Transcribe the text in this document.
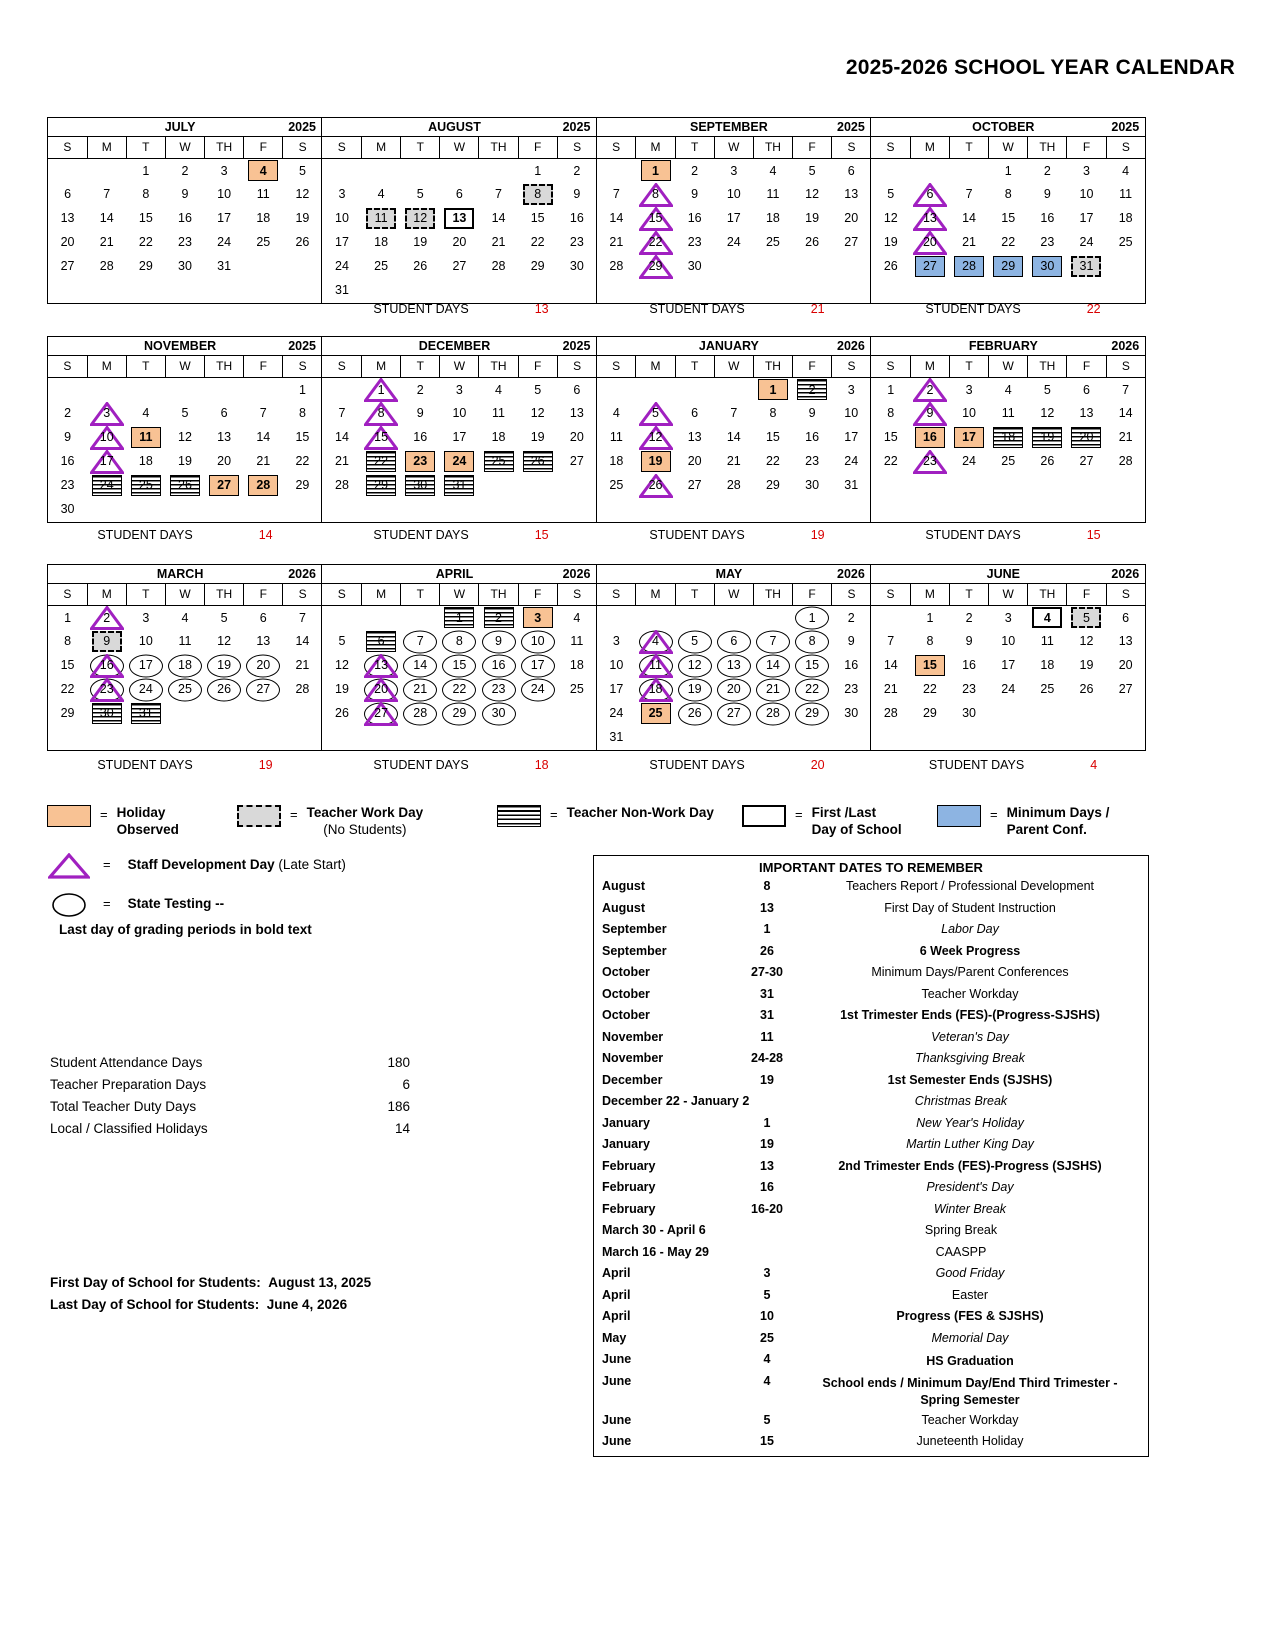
2025-2026 SCHOOL YEAR CALENDAR
JULY	2025
S	M	T	W	TH	F	S

		1	2	3	4	5

6	7	8	9	10	11	12

13	14	15	16	17	18	19

20	21	22	23	24	25	26

27	28	29	30	31		

AUGUST	2025
S	M	T	W	TH	F	S

					1	2

3	4	5	6	7	8	9

10	11	12	13	14	15	16

17	18	19	20	21	22	23

24	25	26	27	28	29	30

31						

SEPTEMBER	2025
S	M	T	W	TH	F	S

	1	2	3	4	5	6

7	8	9	10	11	12	13

14	15	16	17	18	19	20

21	22	23	24	25	26	27

28	29	30				

OCTOBER	2025
S	M	T	W	TH	F	S

			1	2	3	4

5	6	7	8	9	10	11

12	13	14	15	16	17	18

19	20	21	22	23	24	25

26	27	28	29	30	31	

NOVEMBER	2025
S	M	T	W	TH	F	S

						1

2	3	4	5	6	7	8

9	10	11	12	13	14	15

16	17	18	19	20	21	22

23	24	25	26	27	28	29

30						

DECEMBER	2025
S	M	T	W	TH	F	S

	1	2	3	4	5	6

7	8	9	10	11	12	13

14	15	16	17	18	19	20

21	22	23	24	25	26	27

28	29	30	31			

JANUARY	2026
S	M	T	W	TH	F	S

				1	2	3

4	5	6	7	8	9	10

11	12	13	14	15	16	17

18	19	20	21	22	23	24

25	26	27	28	29	30	31
FEBRUARY	2026
S	M	T	W	TH	F	S

1	2	3	4	5	6	7

8	9	10	11	12	13	14

15	16	17	18	19	20	21

22	23	24	25	26	27	28
MARCH	2026
S	M	T	W	TH	F	S

1	2	3	4	5	6	7

8	9	10	11	12	13	14

15	16	17	18	19	20	21

22	23	24	25	26	27	28

29	30	31				

APRIL	2026
S	M	T	W	TH	F	S

			1	2	3	4

5	6	7	8	9	10	11

12	13	14	15	16	17	18

19	20	21	22	23	24	25

26	27	28	29	30		

MAY	2026
S	M	T	W	TH	F	S

					1	2

3	4	5	6	7	8	9

10	11	12	13	14	15	16

17	18	19	20	21	22	23

24	25	26	27	28	29	30

31						

JUNE	2026
S	M	T	W	TH	F	S

	1	2	3	4	5	6

7	8	9	10	11	12	13

14	15	16	17	18	19	20

21	22	23	24	25	26	27

28	29	30				

STUDENT DAYS	13	STUDENT DAYS	21	STUDENT DAYS	22
STUDENT DAYS	14	STUDENT DAYS	15	STUDENT DAYS	19	STUDENT DAYS	15
STUDENT DAYS	19	STUDENT DAYS	18	STUDENT DAYS	20	STUDENT DAYS	4
= Holiday
Observed
= Teacher Work Day
(No Students)
= Teacher Non-Work Day	= First /Last
Day of School
= Minimum Days /
Parent Conf.
= Staff Development Day (Late Start)
= State Testing --
Last day of grading periods in bold text
Student Attendance Days	180
Teacher Preparation Days	6
Total Teacher Duty Days	186
Local / Classified Holidays	14
First Day of School for Students: August 13, 2025
Last Day of School for Students: June 4, 2026
IMPORTANT DATES TO REMEMBER
August	8	Teachers Report / Professional Development
August	13	First Day of Student Instruction
September	1	Labor Day
September	26	6 Week Progress
October	27-30	Minimum Days/Parent Conferences
October	31	Teacher Workday
October	31	1st Trimester Ends (FES)-(Progress-SJSHS)
November	11	Veteran's Day
November	24-28	Thanksgiving Break
December	19	1st Semester Ends (SJSHS)
December 22 - January 2	Christmas Break
January	1	New Year's Holiday
January	19	Martin Luther King Day
February	13	2nd Trimester Ends (FES)-Progress (SJSHS)
February	16	President's Day
February	16-20	Winter Break
March 30 - April 6	Spring Break
March 16 - May 29	CAASPP
April	3	Good Friday
April	5	Easter
April	10	Progress (FES & SJSHS)
May	25	Memorial Day
June	4	HS Graduation
June	4	School ends / Minimum Day/End Third Trimester -Spring Semester
June	5	Teacher Workday
June	15	Juneteenth Holiday
